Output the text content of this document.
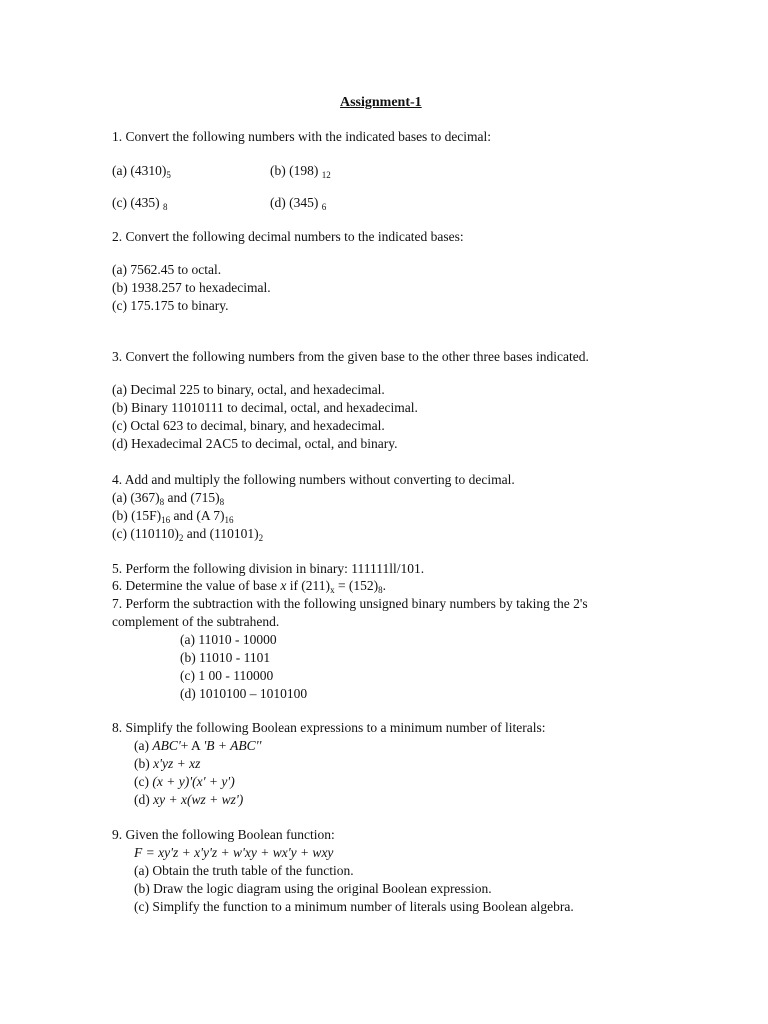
Assignment-1
1. Convert the following numbers with the indicated bases to decimal:
(a) $(4310)_5$	(b) (198) $_{12}$
(c) (435) $_8$	(d) (345) $_6$
2. Convert the following decimal numbers to the indicated bases:
(a) 7562.45 to octal.
(b) 1938.257 to hexadecimal.
(c) 175.175 to binary.
3. Convert the following numbers from the given base to the other three bases indicated.
(a) Decimal 225 to binary, octal, and hexadecimal.
(b) Binary 11010111 to decimal, octal, and hexadecimal.
(c) Octal 623 to decimal, binary, and hexadecimal.
(d) Hexadecimal 2AC5 to decimal, octal, and binary.
4. Add and multiply the following numbers without converting to decimal.
(a) $(367)_8$ and $(715)_8$
(b) $(15F)_{16}$ and (A $7)_{16}$
(c) $(110110)_2$ and $(110101)_2$
5. Perform the following division in binary: 111111ll/101.
6. Determine the value of base x if $(211)_x = (152)_8$.
7. Perform the subtraction with the following unsigned binary numbers by taking the 2's
complement of the subtrahend.
(a) 11010 - 10000
(b) 11010 - 1101
(c) 1 00 - 110000
(d) 1010100 – 1010100
8. Simplify the following Boolean expressions to a minimum number of literals:
(a) ABC'+ A 'B + ABC''
(b) x'yz + xz
(c) (x + y)'(x' + y')
(d) xy + x(wz + wz')
9. Given the following Boolean function:
F = xy'z + x'y'z + w'xy + wx'y + wxy
(a) Obtain the truth table of the function.
(b) Draw the logic diagram using the original Boolean expression.
(c) Simplify the function to a minimum number of literals using Boolean algebra.
